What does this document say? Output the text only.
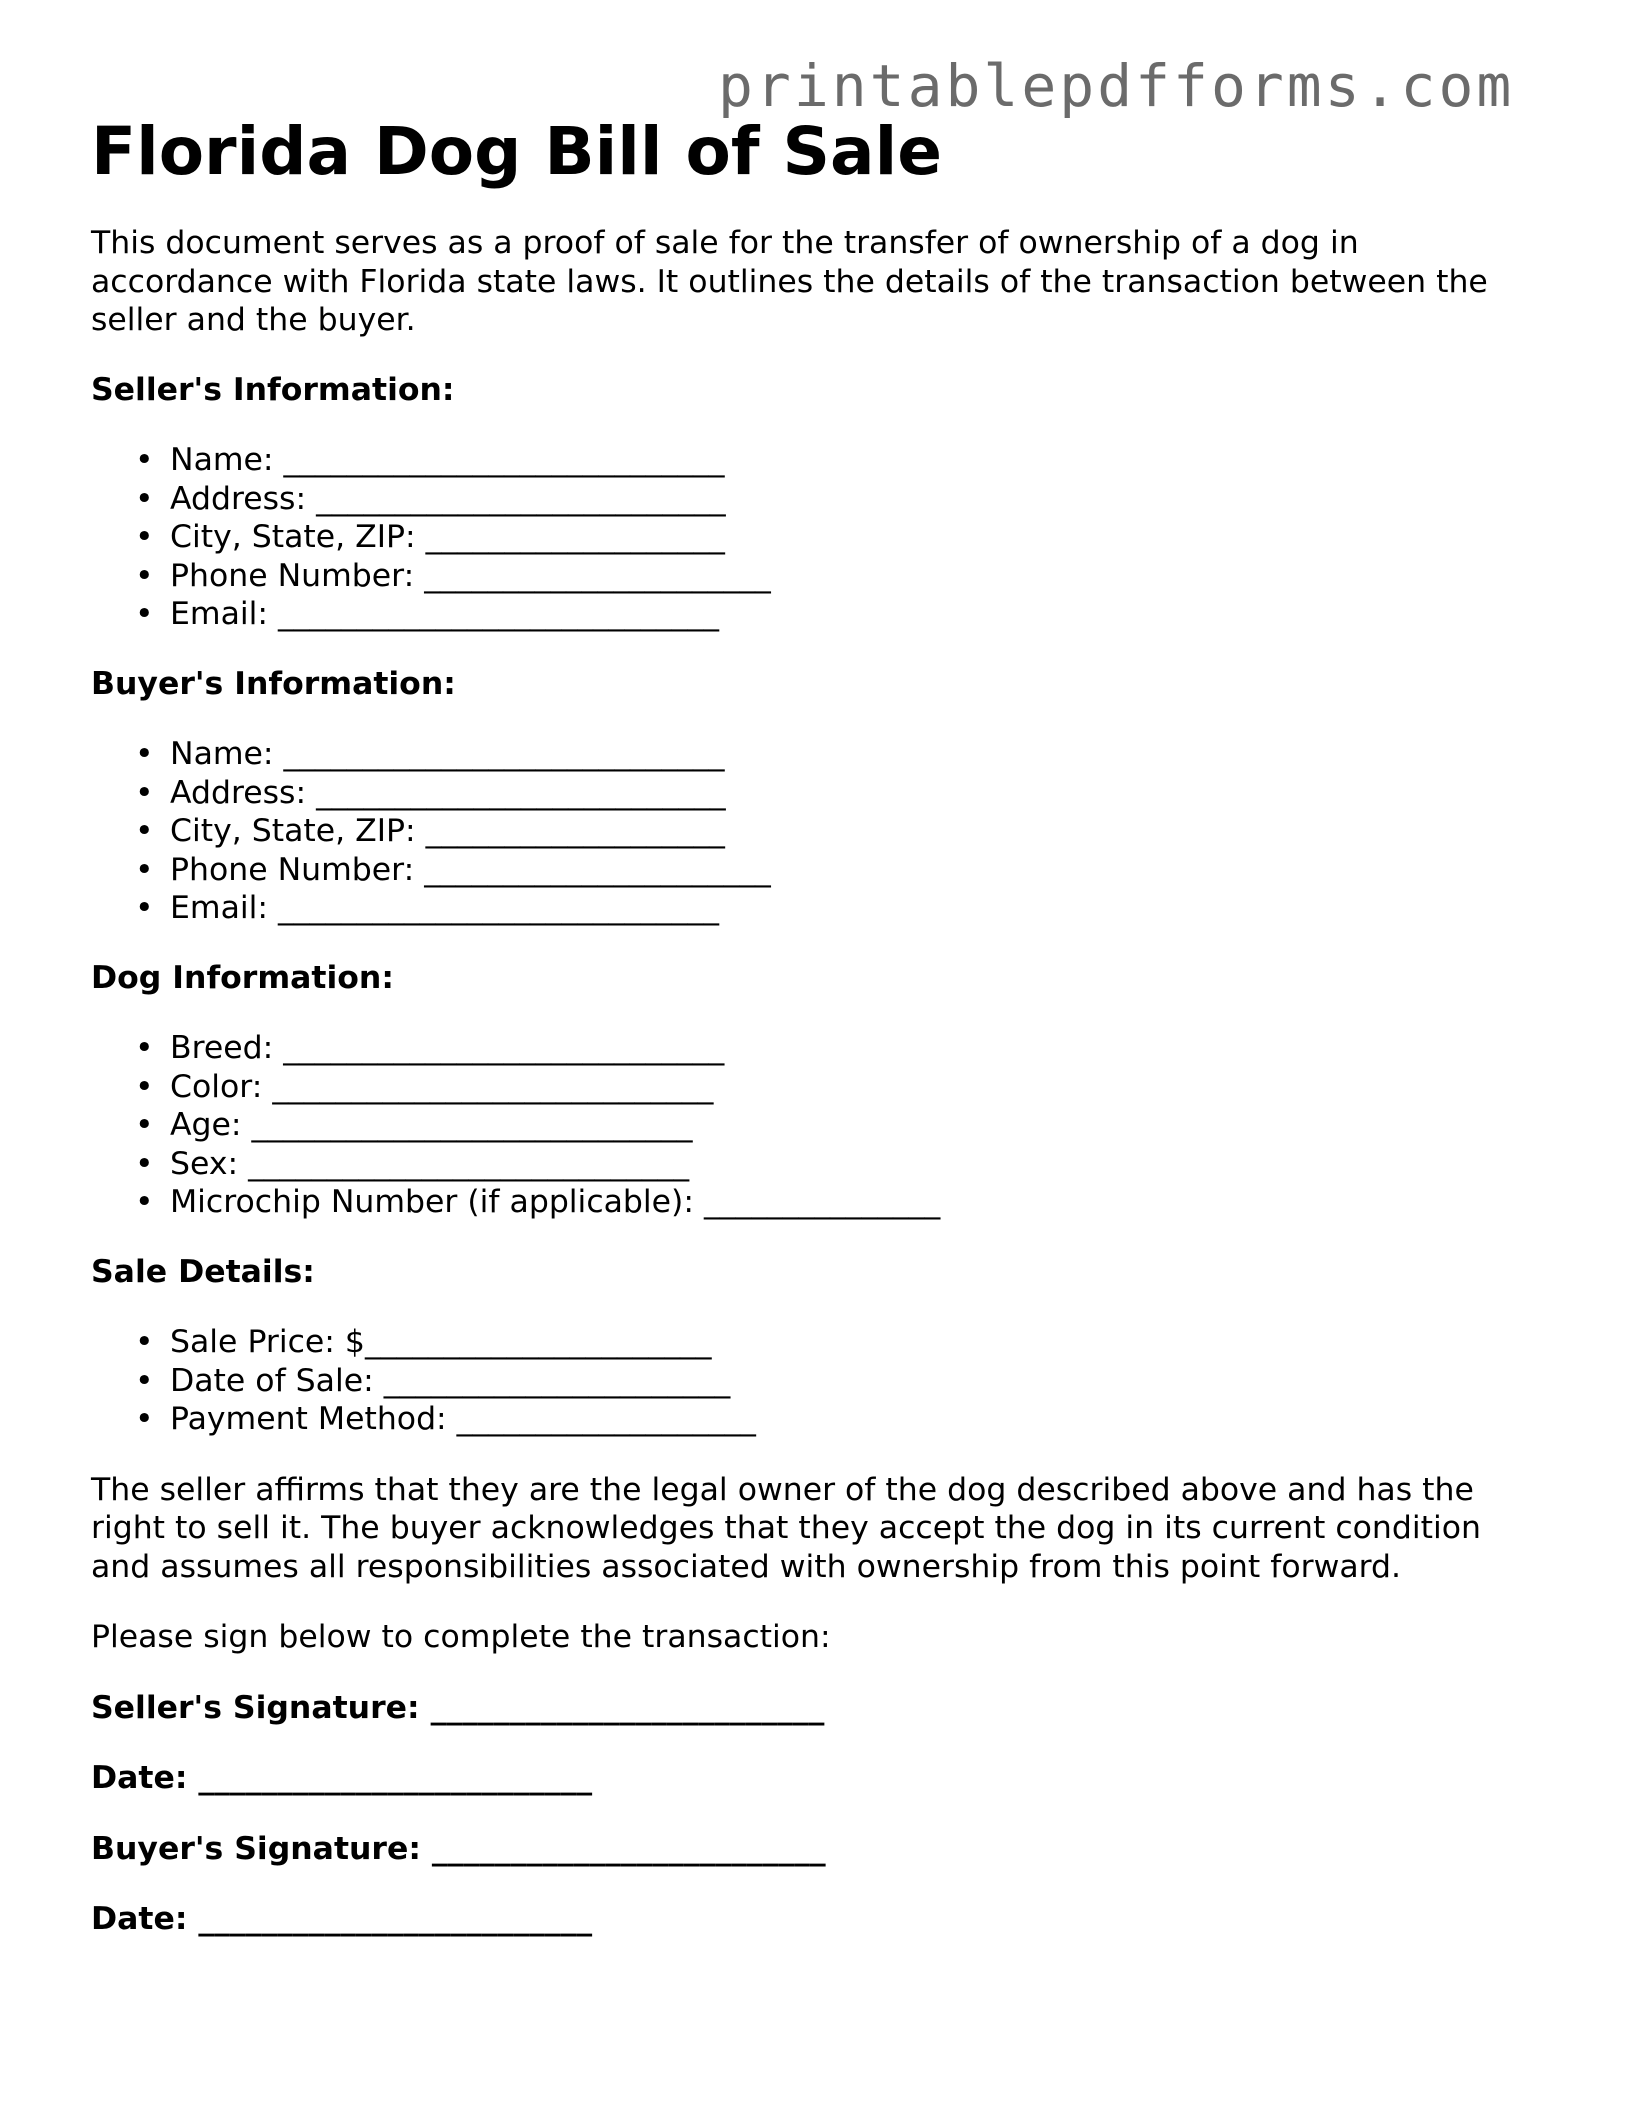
printablepdfforms.com
Florida Dog Bill of Sale

This document serves as a proof of sale for the transfer of ownership of a dog in accordance with Florida state laws. It outlines the details of the transaction between the seller and the buyer.

Seller's Information:

• Name: ____________________________
• Address: __________________________
• City, State, ZIP: ___________________
• Phone Number: ______________________
• Email: ____________________________

Buyer's Information:

• Name: ____________________________
• Address: __________________________
• City, State, ZIP: ___________________
• Phone Number: ______________________
• Email: ____________________________

Dog Information:

• Breed: ____________________________
• Color: ____________________________
• Age: ____________________________
• Sex: ____________________________
• Microchip Number (if applicable): _______________

Sale Details:

• Sale Price: $______________________
• Date of Sale: ______________________
• Payment Method: ___________________

The seller affirms that they are the legal owner of the dog described above and has the right to sell it. The buyer acknowledges that they accept the dog in its current condition and assumes all responsibilities associated with ownership from this point forward.

Please sign below to complete the transaction:

Seller's Signature: _________________________

Date: _________________________

Buyer's Signature: _________________________

Date: _________________________
